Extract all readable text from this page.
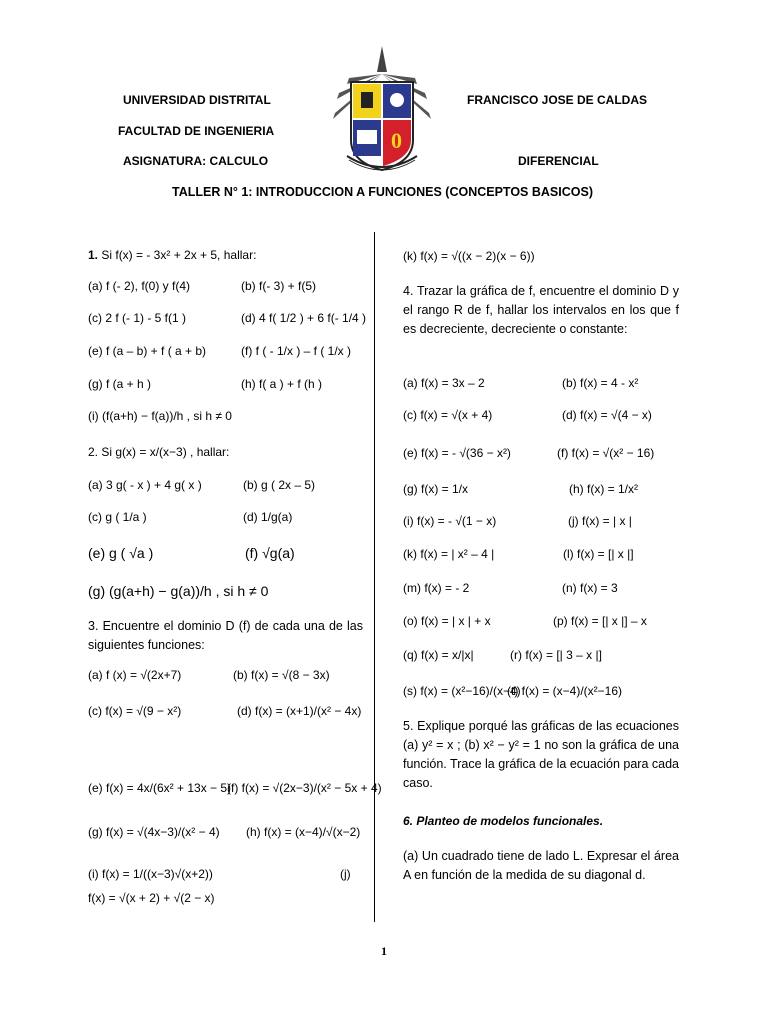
UNIVERSIDAD DISTRITAL
FACULTAD DE INGENIERIA
ASIGNATURA: CALCULO
FRANCISCO JOSE DE CALDAS
DIFERENCIAL
0
TALLER N° 1: INTRODUCCION A FUNCIONES (CONCEPTOS BASICOS)
1. Si f(x) = - 3x² + 2x + 5, hallar:
(a) f (- 2), f(0) y f(4)	(b) f(- 3) + f(5)
(c) 2 f (- 1) - 5 f(1 )	(d) 4 f( 1/2 ) + 6 f(- 1/4 )
(e) f (a – b) + f ( a + b)	(f) f ( - 1/x ) – f ( 1/x )
(g) f (a + h )	(h) f( a ) + f (h )
(i) (f(a+h) − f(a))/h , si h ≠ 0
2. Si g(x) = x/(x−3) , hallar:
(a) 3 g( - x ) + 4 g( x )	(b) g ( 2x – 5)
(c) g ( 1/a )	(d) 1/g(a)
(e) g ( √a )	(f) √g(a)
(g) (g(a+h) − g(a))/h , si h ≠ 0
3. Encuentre el dominio D (f) de cada una de las siguientes funciones:
(a) f (x) = √(2x+7)	(b) f(x) = √(8 − 3x)
(c) f(x) = √(9 − x²)	(d) f(x) = (x+1)/(x² − 4x)
(e) f(x) = 4x/(6x² + 13x − 5)
(f) f(x) = √(2x−3)/(x² − 5x + 4)
(g) f(x) = √(4x−3)/(x² − 4) (h) f(x) = (x−4)/√(x−2)
(i) f(x) = 1/((x−3)√(x+2))	(j)
f(x) = √(x + 2) + √(2 − x)
(k) f(x) = √((x − 2)(x − 6))
4. Trazar la gráfica de f, encuentre el dominio D y el rango R de f, hallar los intervalos en los que f es decreciente, decreciente o constante:
(a) f(x) = 3x – 2	(b) f(x) = 4 - x²
(c) f(x) = √(x + 4)	(d) f(x) = √(4 − x)
(e) f(x) = - √(36 − x²)	(f) f(x) = √(x² − 16)
(g) f(x) = 1/x	(h) f(x) = 1/x²
(i) f(x) = - √(1 − x)	(j) f(x) = | x |
(k) f(x) = | x² – 4 |	(l) f(x) = [| x |]
(m) f(x) = - 2	(n) f(x) = 3
(o) f(x) = | x | + x	(p) f(x) = [| x |] – x
(q) f(x) = x/|x|	(r) f(x) = [| 3 – x |]
(s) f(x) = (x²−16)/(x−4)
(t) f(x) = (x−4)/(x²−16)
5. Explique porqué las gráficas de las ecuaciones (a) y² = x ; (b) x² − y² = 1 no son la gráfica de una función. Trace la gráfica de la ecuación para cada caso.
6. Planteo de modelos funcionales.
(a) Un cuadrado tiene de lado L. Expresar el área A en función de la medida de su diagonal d.
1
